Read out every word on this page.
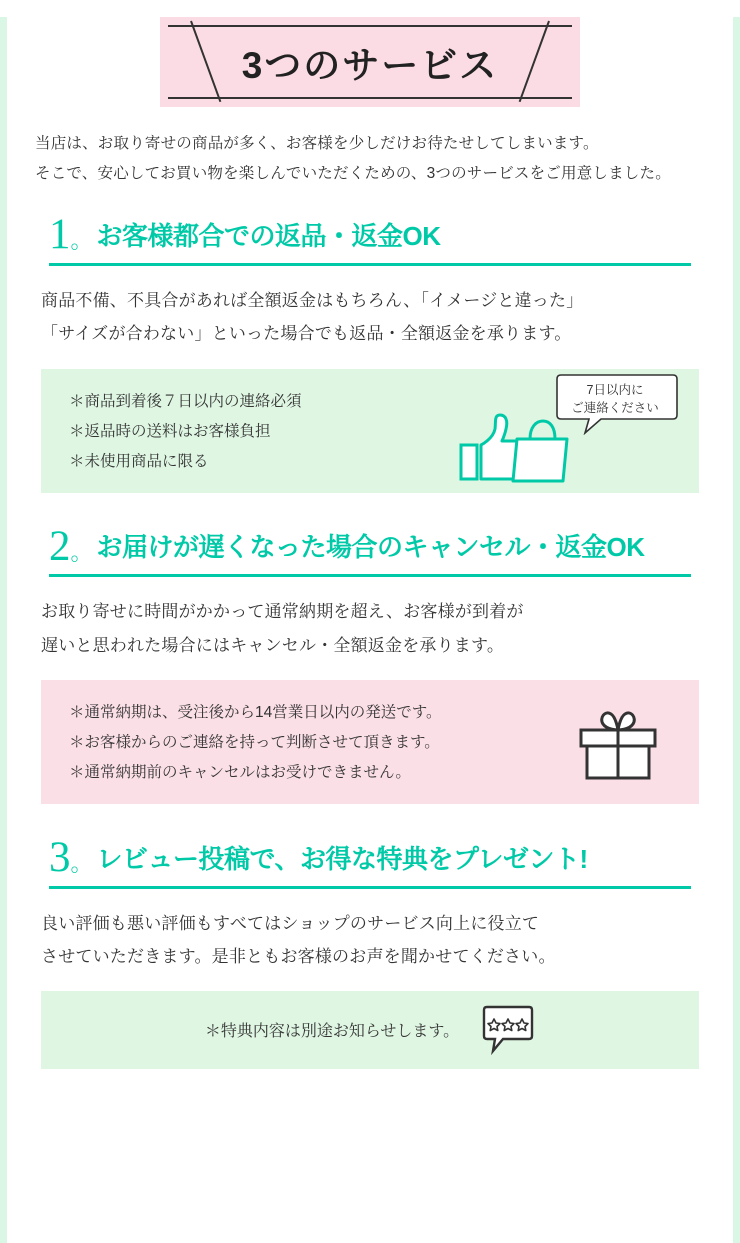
3つのサービス
当店は、お取り寄せの商品が多く、お客様を少しだけお待たせしてしまいます。
そこで、安心してお買い物を楽しんでいただくための、3つのサービスをご用意しました。
1。 お客様都合での返品・返金OK
商品不備、不具合があれば全額返金はもちろん、「イメージと違った」
「サイズが合わない」といった場合でも返品・全額返金を承ります。
＊商品到着後７日以内の連絡必須
＊返品時の送料はお客様負担
＊未使用商品に限る
7日以内に
ご連絡ください
2。 お届けが遅くなった場合のキャンセル・返金OK
お取り寄せに時間がかかって通常納期を超え、お客様が到着が
遅いと思われた場合にはキャンセル・全額返金を承ります。
＊通常納期は、受注後から14営業日以内の発送です。
＊お客様からのご連絡を持って判断させて頂きます。
＊通常納期前のキャンセルはお受けできません。
3。 レビュー投稿で、お得な特典をプレゼント!
良い評価も悪い評価もすべてはショップのサービス向上に役立て
させていただきます。是非ともお客様のお声を聞かせてください。
＊特典内容は別途お知らせします。
